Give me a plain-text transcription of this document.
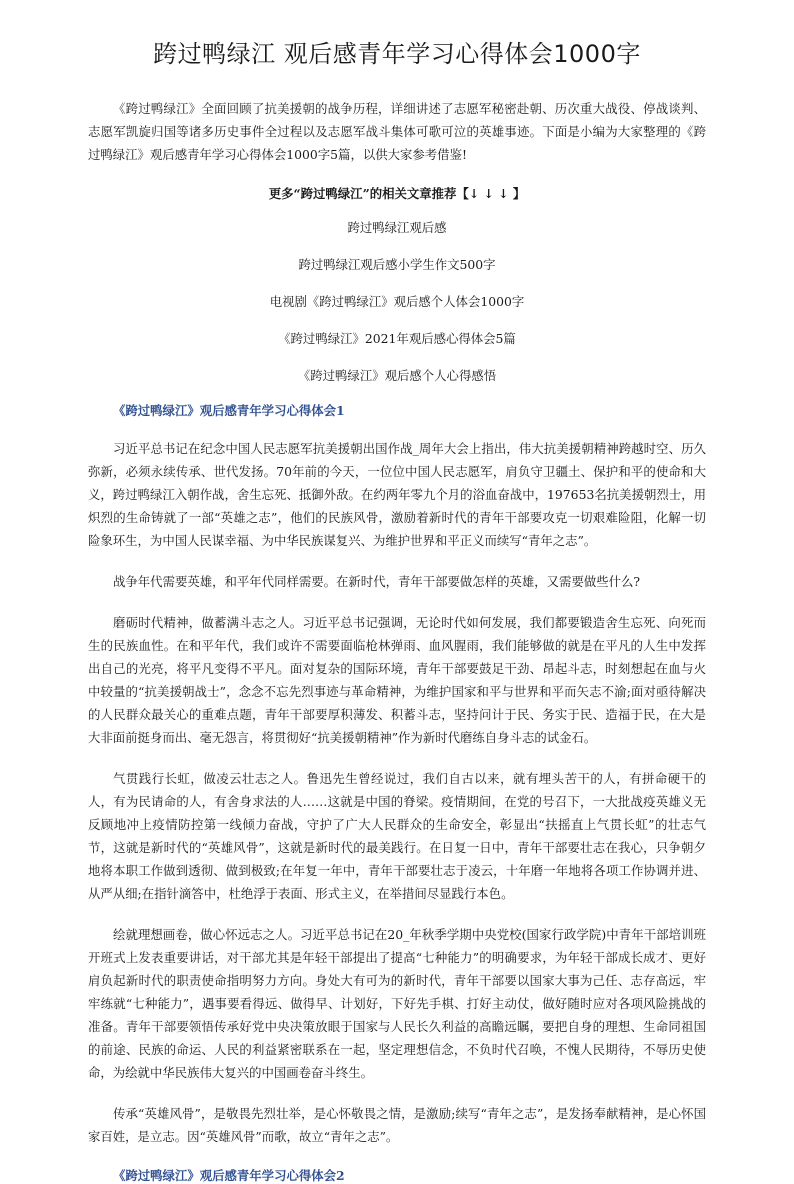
跨过鸭绿江 观后感青年学习心得体会1000字

《跨过鸭绿江》全面回顾了抗美援朝的战争历程，详细讲述了志愿军秘密赴朝、历次重大战役、停战谈判、志愿军凯旋归国等诸多历史事件全过程以及志愿军战斗集体可歌可泣的英雄事迹。下面是小编为大家整理的《跨过鸭绿江》观后感青年学习心得体会1000字5篇，以供大家参考借鉴!

更多“跨过鸭绿江”的相关文章推荐【↓ ↓ ↓ 】
跨过鸭绿江观后感
跨过鸭绿江观后感小学生作文500字
电视剧《跨过鸭绿江》观后感个人体会1000字
《跨过鸭绿江》2021年观后感心得体会5篇
《跨过鸭绿江》观后感个人心得感悟
《跨过鸭绿江》观后感青年学习心得体会1

习近平总书记在纪念中国人民志愿军抗美援朝出国作战_周年大会上指出，伟大抗美援朝精神跨越时空、历久弥新，必须永续传承、世代发扬。70年前的今天，一位位中国人民志愿军，肩负守卫疆土、保护和平的使命和大义，跨过鸭绿江入朝作战，舍生忘死、抵御外敌。在约两年零九个月的浴血奋战中，197653名抗美援朝烈士，用炽烈的生命铸就了一部“英雄之志”，他们的民族风骨，激励着新时代的青年干部要攻克一切艰难险阻，化解一切险象环生，为中国人民谋幸福、为中华民族谋复兴、为维护世界和平正义而续写“青年之志”。

战争年代需要英雄，和平年代同样需要。在新时代，青年干部要做怎样的英雄，又需要做些什么?

磨砺时代精神，做蓄满斗志之人。习近平总书记强调，无论时代如何发展，我们都要锻造舍生忘死、向死而生的民族血性。在和平年代，我们或许不需要面临枪林弹雨、血风腥雨，我们能够做的就是在平凡的人生中发挥出自己的光亮，将平凡变得不平凡。面对复杂的国际环境，青年干部要鼓足干劲、昂起斗志，时刻想起在血与火中较量的“抗美援朝战士”，念念不忘先烈事迹与革命精神，为维护国家和平与世界和平而矢志不渝;面对亟待解决的人民群众最关心的重难点题，青年干部要厚积薄发、积蓄斗志，坚持问计于民、务实于民、造福于民，在大是大非面前挺身而出、毫无怨言，将贯彻好“抗美援朝精神”作为新时代磨练自身斗志的试金石。

气贯践行长虹，做凌云壮志之人。鲁迅先生曾经说过，我们自古以来，就有埋头苦干的人，有拼命硬干的人，有为民请命的人，有舍身求法的人……这就是中国的脊梁。疫情期间，在党的号召下，一大批战疫英雄义无反顾地冲上疫情防控第一线倾力奋战，守护了广大人民群众的生命安全，彰显出“扶摇直上气贯长虹”的壮志气节，这就是新时代的“英雄风骨”，这就是新时代的最美践行。在日复一日中，青年干部要壮志在我心，只争朝夕地将本职工作做到透彻、做到极致;在年复一年中，青年干部要壮志于凌云，十年磨一年地将各项工作协调并进、从严从细;在指针滴答中，杜绝浮于表面、形式主义，在举措间尽显践行本色。

绘就理想画卷，做心怀远志之人。习近平总书记在20_年秋季学期中央党校(国家行政学院)中青年干部培训班开班式上发表重要讲话，对干部尤其是年轻干部提出了提高“七种能力”的明确要求，为年轻干部成长成才、更好肩负起新时代的职责使命指明努力方向。身处大有可为的新时代，青年干部要以国家大事为己任、志存高远，牢牢练就“七种能力”，遇事要看得远、做得早、计划好，下好先手棋、打好主动仗，做好随时应对各项风险挑战的准备。青年干部要领悟传承好党中央决策放眼于国家与人民长久利益的高瞻远瞩，要把自身的理想、生命同祖国的前途、民族的命运、人民的利益紧密联系在一起，坚定理想信念，不负时代召唤，不愧人民期待，不辱历史使命，为绘就中华民族伟大复兴的中国画卷奋斗终生。

传承“英雄风骨”，是敬畏先烈壮举，是心怀敬畏之情，是激励;续写“青年之志”，是发扬奉献精神，是心怀国家百姓，是立志。因“英雄风骨”而歌，故立“青年之志”。

《跨过鸭绿江》观后感青年学习心得体会2
